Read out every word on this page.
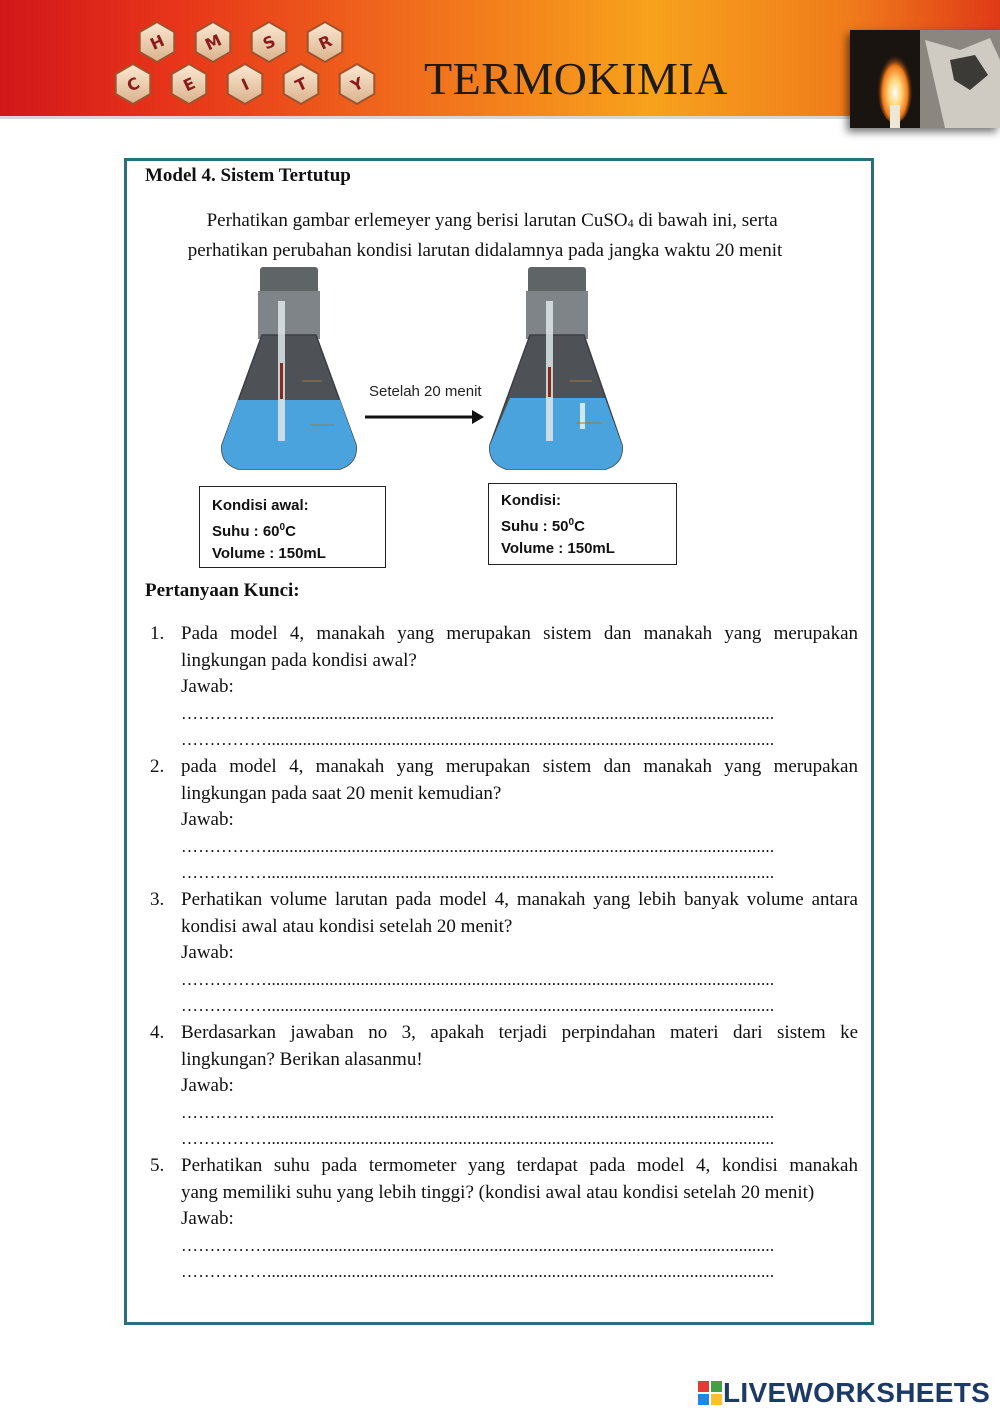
C
H
E
M
I
S
T
R
Y TERMOKIMIA
Model 4. Sistem Tertutup
Perhatikan gambar erlemeyer yang berisi larutan CuSO$_4$ di bawah ini, serta
perhatikan perubahan kondisi larutan didalamnya pada jangka waktu 20 menit
Setelah 20 menit
Kondisi awal:
Suhu : $60^0C$
Volume : 150mL
Kondisi:
Suhu : $50^0C$
Volume : 150mL
Pertanyaan Kunci:
1. Pada model 4, manakah yang merupakan sistem dan manakah yang merupakan
lingkungan pada kondisi awal?
Jawab:
……………..................................................................................................................
……………..................................................................................................................
2. pada model 4, manakah yang merupakan sistem dan manakah yang merupakan
lingkungan pada saat 20 menit kemudian?
Jawab:
……………..................................................................................................................
……………..................................................................................................................
3. Perhatikan volume larutan pada model 4, manakah yang lebih banyak volume antara
kondisi awal atau kondisi setelah 20 menit?
Jawab:
……………..................................................................................................................
……………..................................................................................................................
4. Berdasarkan jawaban no 3, apakah terjadi perpindahan materi dari sistem ke
lingkungan? Berikan alasanmu!
Jawab:
……………..................................................................................................................
……………..................................................................................................................
5. Perhatikan suhu pada termometer yang terdapat pada model 4, kondisi manakah
yang memiliki suhu yang lebih tinggi? (kondisi awal atau kondisi setelah 20 menit)
Jawab:
……………..................................................................................................................
……………..................................................................................................................
LIVEWORKSHEETS
